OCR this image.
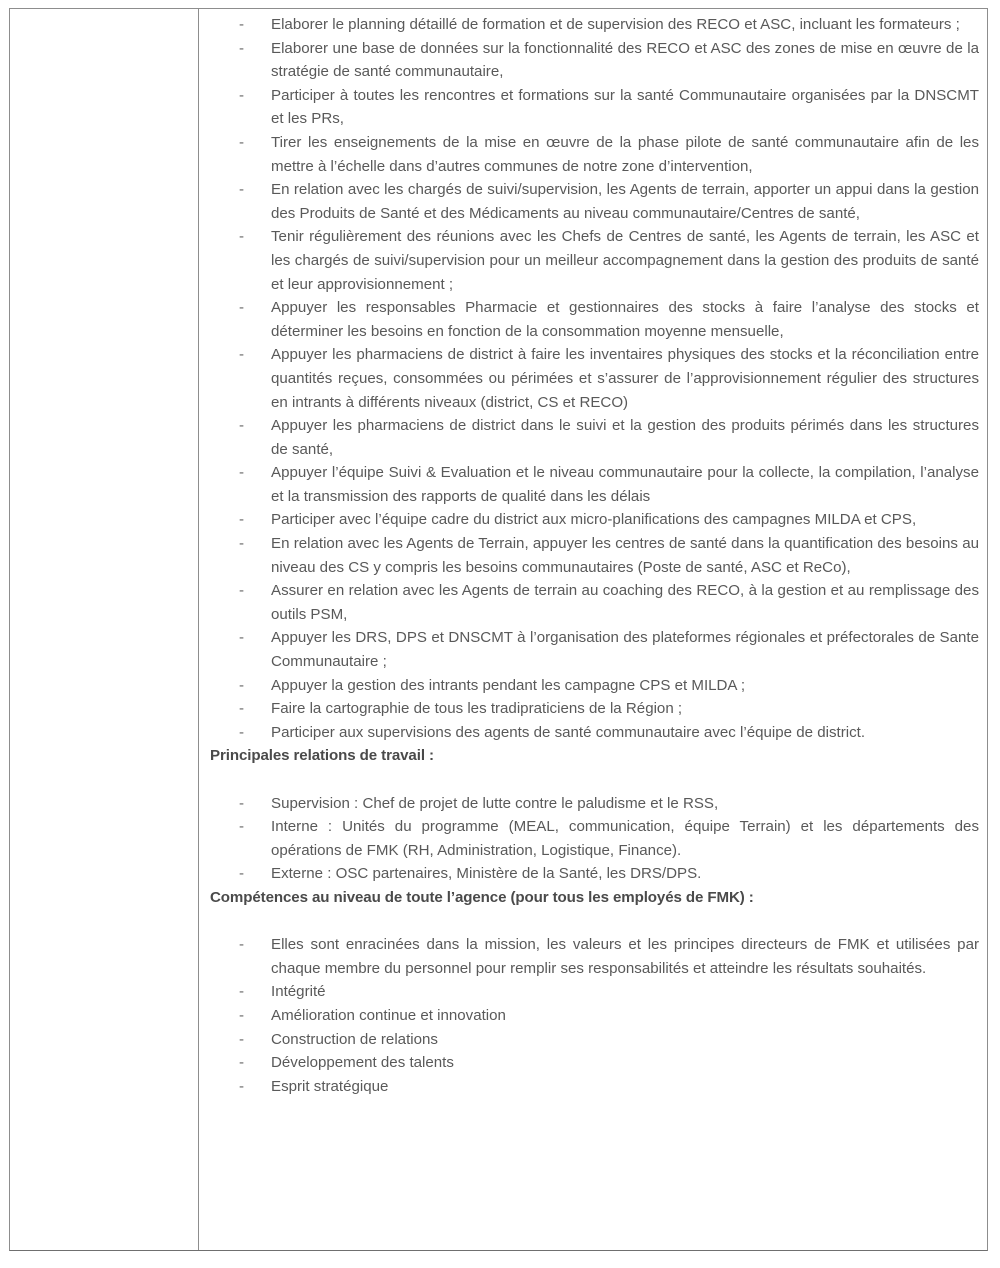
- Elaborer le planning détaillé de formation et de supervision des RECO et ASC, incluant les formateurs ;
- Elaborer une base de données sur la fonctionnalité des RECO et ASC des zones de mise en œuvre de la stratégie de santé communautaire,
- Participer à toutes les rencontres et formations sur la santé Communautaire organisées par la DNSCMT et les PRs,
- Tirer les enseignements de la mise en œuvre de la phase pilote de santé communautaire afin de les mettre à l’échelle dans d’autres communes de notre zone d’intervention,
- En relation avec les chargés de suivi/supervision, les Agents de terrain, apporter un appui dans la gestion des Produits de Santé et des Médicaments au niveau communautaire/Centres de santé,
- Tenir régulièrement des réunions avec les Chefs de Centres de santé, les Agents de terrain, les ASC et les chargés de suivi/supervision pour un meilleur accompagnement dans la gestion des produits de santé et leur approvisionnement ;
- Appuyer les responsables Pharmacie et gestionnaires des stocks à faire l’analyse des stocks et déterminer les besoins en fonction de la consommation moyenne mensuelle,
- Appuyer les pharmaciens de district à faire les inventaires physiques des stocks et la réconciliation entre quantités reçues, consommées ou périmées et s’assurer de l’approvisionnement régulier des structures en intrants à différents niveaux (district, CS et RECO)
- Appuyer les pharmaciens de district dans le suivi et la gestion des produits périmés dans les structures de santé,
- Appuyer l’équipe Suivi & Evaluation et le niveau communautaire pour la collecte, la compilation, l’analyse et la transmission des rapports de qualité dans les délais
- Participer avec l’équipe cadre du district aux micro-planifications des campagnes MILDA et CPS,
- En relation avec les Agents de Terrain, appuyer les centres de santé dans la quantification des besoins au niveau des CS y compris les besoins communautaires (Poste de santé, ASC et ReCo),
- Assurer en relation avec les Agents de terrain au coaching des RECO, à la gestion et au remplissage des outils PSM,
- Appuyer les DRS, DPS et DNSCMT à l’organisation des plateformes régionales et préfectorales de Sante Communautaire ;
- Appuyer la gestion des intrants pendant les campagne CPS et MILDA ;
- Faire la cartographie de tous les tradipraticiens de la Région ;
- Participer aux supervisions des agents de santé communautaire avec l’équipe de district.
Principales relations de travail :
- Supervision : Chef de projet de lutte contre le paludisme et le RSS,
- Interne : Unités du programme (MEAL, communication, équipe Terrain) et les départements des opérations de FMK (RH, Administration, Logistique, Finance).
- Externe : OSC partenaires, Ministère de la Santé, les DRS/DPS.
Compétences au niveau de toute l’agence (pour tous les employés de FMK) :
- Elles sont enracinées dans la mission, les valeurs et les principes directeurs de FMK et utilisées par chaque membre du personnel pour remplir ses responsabilités et atteindre les résultats souhaités.
- Intégrité
- Amélioration continue et innovation
- Construction de relations
- Développement des talents
- Esprit stratégique
